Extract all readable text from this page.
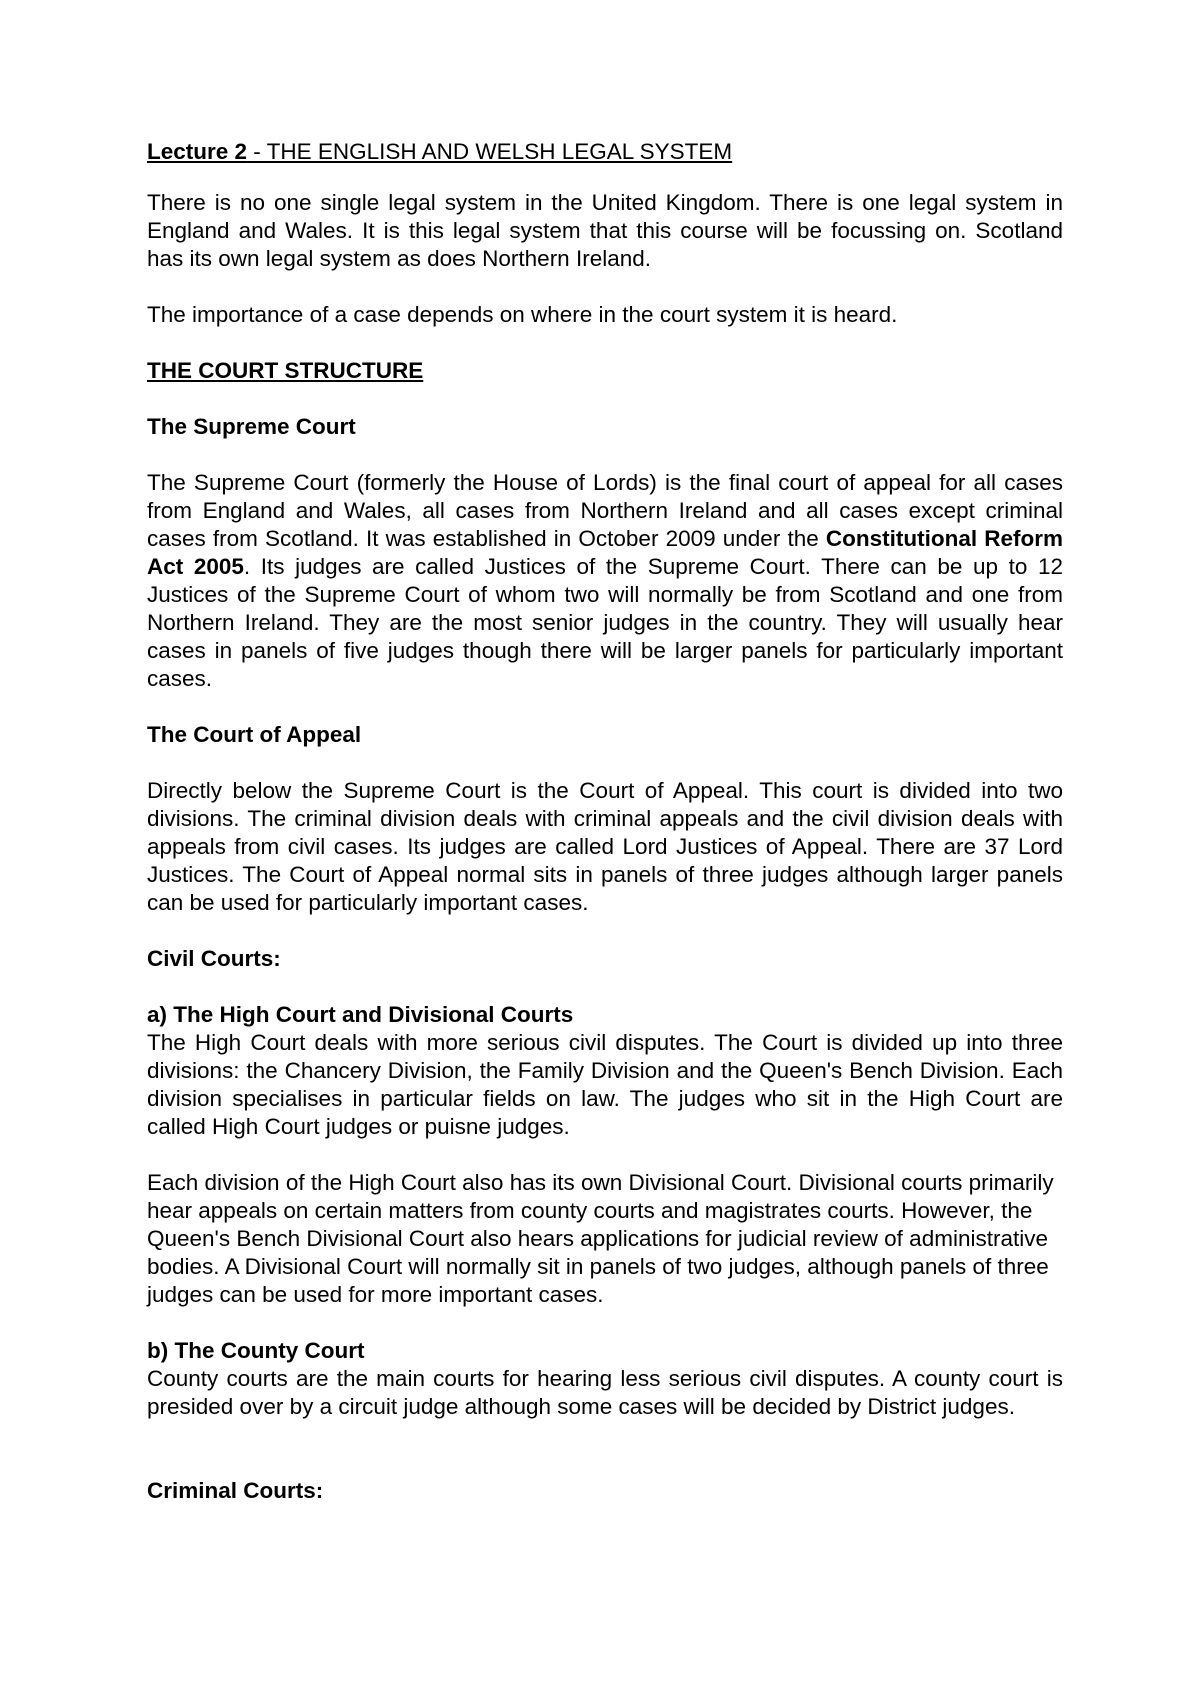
Lecture 2 - THE ENGLISH AND WELSH LEGAL SYSTEM

There is no one single legal system in the United Kingdom. There is one legal system in England and Wales. It is this legal system that this course will be focussing on. Scotland has its own legal system as does Northern Ireland.

The importance of a case depends on where in the court system it is heard.

THE COURT STRUCTURE
The Supreme Court

The Supreme Court (formerly the House of Lords) is the final court of appeal for all cases from England and Wales, all cases from Northern Ireland and all cases except criminal cases from Scotland. It was established in October 2009 under the Constitutional Reform Act 2005. Its judges are called Justices of the Supreme Court. There can be up to 12 Justices of the Supreme Court of whom two will normally be from Scotland and one from Northern Ireland. They are the most senior judges in the country. They will usually hear cases in panels of five judges though there will be larger panels for particularly important cases.

The Court of Appeal

Directly below the Supreme Court is the Court of Appeal. This court is divided into two divisions. The criminal division deals with criminal appeals and the civil division deals with appeals from civil cases. Its judges are called Lord Justices of Appeal. There are 37 Lord Justices. The Court of Appeal normal sits in panels of three judges although larger panels can be used for particularly important cases.

Civil Courts:
a) The High Court and Divisional Courts

The High Court deals with more serious civil disputes. The Court is divided up into three divisions: the Chancery Division, the Family Division and the Queen's Bench Division. Each division specialises in particular fields on law. The judges who sit in the High Court are called High Court judges or puisne judges.

Each division of the High Court also has its own Divisional Court. Divisional courts primarily hear appeals on certain matters from county courts and magistrates courts. However, the Queen's Bench Divisional Court also hears applications for judicial review of administrative bodies. A Divisional Court will normally sit in panels of two judges, although panels of three judges can be used for more important cases.

b) The County Court

County courts are the main courts for hearing less serious civil disputes. A county court is presided over by a circuit judge although some cases will be decided by District judges.

Criminal Courts:
